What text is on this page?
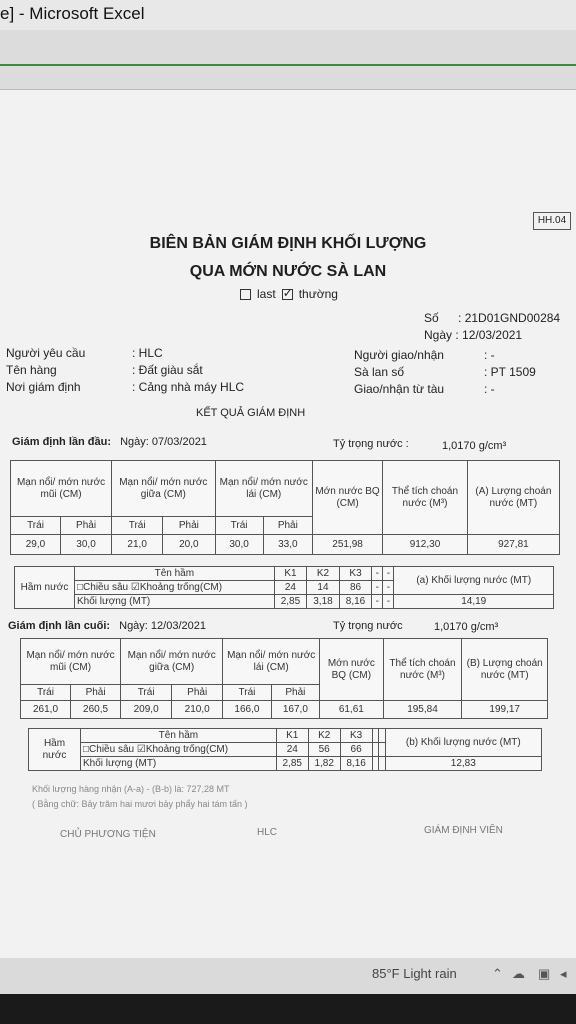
e] - Microsoft Excel
HH.04
BIÊN BẢN GIÁM ĐỊNH KHỐI LƯỢNG
QUA MỚN NƯỚC SÀ LAN
last ✓ thường
Số : 21D01GND00284
Ngày : 12/03/2021
Người yêu cầu	: HLC
Tên hàng	: Đất giàu sắt
Nơi giám định	: Cảng nhà máy HLC
Người giao/nhận	: -
Sà lan số	: PT 1509
Giao/nhận từ tàu	: -
KẾT QUẢ GIÁM ĐỊNH
Giám định lần đầu: Ngày: 07/03/2021	Tỷ trọng nước :	1,0170 g/cm³
Mạn nổi/ mớn nước mũi (CM)		Mạn nổi/ mớn nước giữa (CM)		Mạn nổi/ mớn nước lái (CM)		Mớn nước BQ (CM)	Thể tích choán nước (M³)	(A) Lượng choán nước (MT)
Trái	Phải	Trái	Phải	Trái	Phải			
29,0	30,0	21,0	20,0	30,0	33,0	251,98	912,30	927,81
Hầm nước	Tên hầm	K1	K2	K3	-	-	(a) Khối lượng nước (MT)
	□Chiều sâu ☑Khoảng trống(CM)	24	14	86	-	-	
	Khối lượng (MT)	2,85	3,18	8,16	-	-	14,19
Giám định lần cuối: Ngày: 12/03/2021	Tỷ trọng nước	1,0170 g/cm³
Mạn nổi/ mớn nước mũi (CM)		Mạn nổi/ mớn nước giữa (CM)		Mạn nổi/ mớn nước lái (CM)		Mớn nước BQ (CM)	Thể tích choán nước (M³)	(B) Lượng choán nước (MT)
Trái	Phải	Trái	Phải	Trái	Phải			
261,0	260,5	209,0	210,0	166,0	167,0	61,61	195,84	199,17
Hầm nước	Tên hầm	K1	K2	K3			(b) Khối lượng nước (MT)
	□Chiều sâu ☑Khoảng trống(CM)	24	56	66			
	Khối lượng (MT)	2,85	1,82	8,16			12,83
Khối lượng hàng nhận (A-a) - (B-b) là: 727,28 MT
( Bằng chữ: Bảy trăm hai mươi bảy phẩy hai tám tấn )
CHỦ PHƯƠNG TIỆN	HLC	GIÁM ĐỊNH VIÊN
85°F Light rain	⌃ ☁ ▣ ◂
